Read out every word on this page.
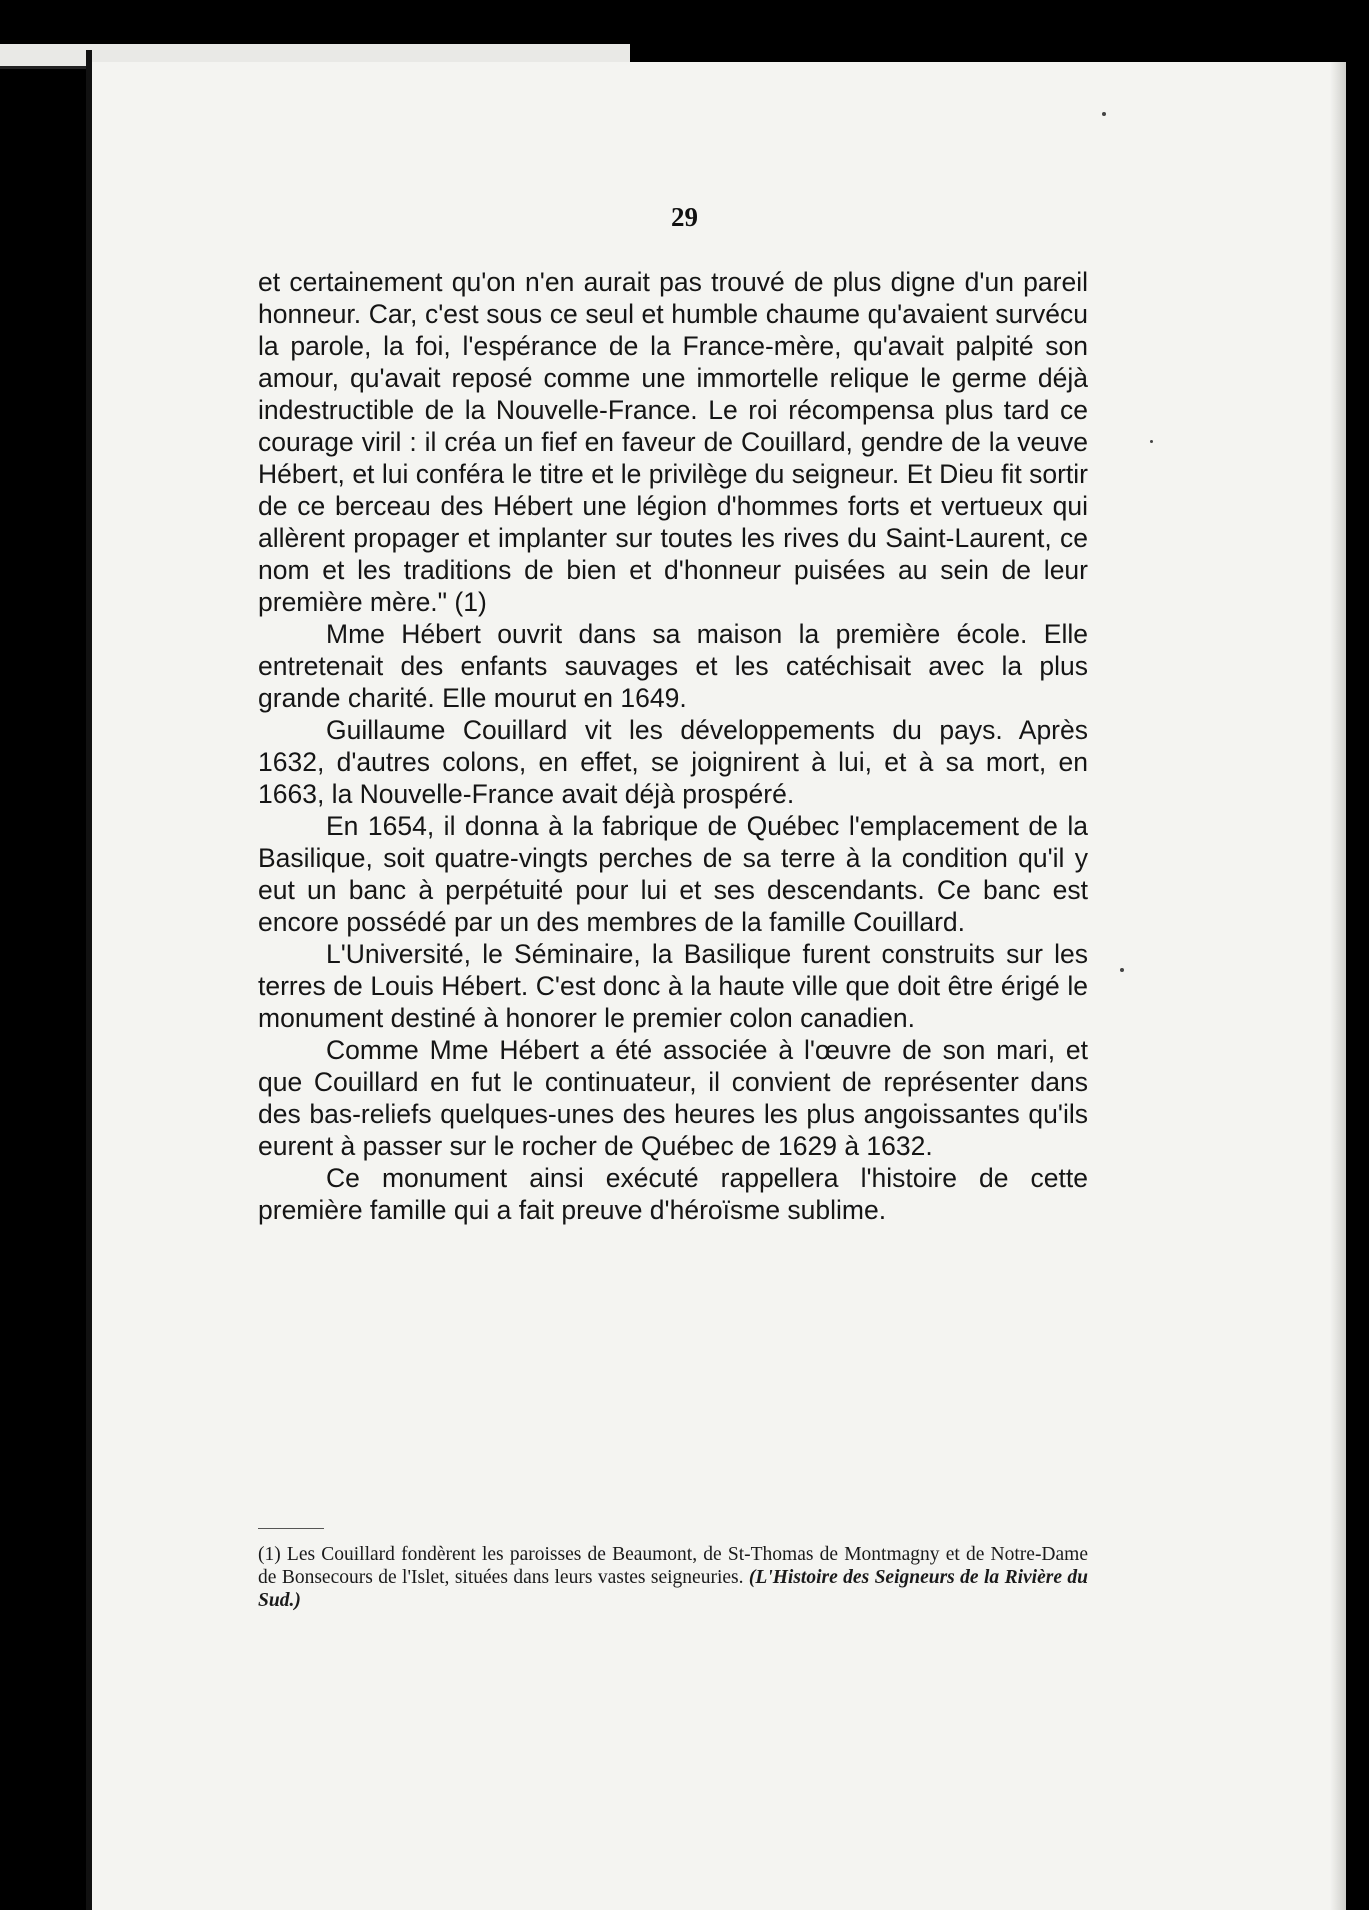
29

et certainement qu'on n'en aurait pas trouvé de plus digne d'un pareil honneur. Car, c'est sous ce seul et humble chaume qu'avaient survécu la parole, la foi, l'espérance de la France-mère, qu'avait palpité son amour, qu'avait reposé comme une immortelle relique le germe déjà indestructible de la Nouvelle-France. Le roi récompensa plus tard ce courage viril : il créa un fief en faveur de Couillard, gendre de la veuve Hébert, et lui conféra le titre et le privilège du seigneur. Et Dieu fit sortir de ce berceau des Hébert une légion d'hommes forts et vertueux qui allèrent propager et implanter sur toutes les rives du Saint-Laurent, ce nom et les traditions de bien et d'honneur puisées au sein de leur première mère." (1)

Mme Hébert ouvrit dans sa maison la première école. Elle entretenait des enfants sauvages et les catéchisait avec la plus grande charité. Elle mourut en 1649.

Guillaume Couillard vit les développements du pays. Après 1632, d'autres colons, en effet, se joignirent à lui, et à sa mort, en 1663, la Nouvelle-France avait déjà prospéré.

En 1654, il donna à la fabrique de Québec l'emplacement de la Basilique, soit quatre-vingts perches de sa terre à la condition qu'il y eut un banc à perpétuité pour lui et ses descendants. Ce banc est encore possédé par un des membres de la famille Couillard.

L'Université, le Séminaire, la Basilique furent construits sur les terres de Louis Hébert. C'est donc à la haute ville que doit être érigé le monument destiné à honorer le premier colon canadien.

Comme Mme Hébert a été associée à l'œuvre de son mari, et que Couillard en fut le continuateur, il convient de représenter dans des bas-reliefs quelques-unes des heures les plus angoissantes qu'ils eurent à passer sur le rocher de Québec de 1629 à 1632.

Ce monument ainsi exécuté rappellera l'histoire de cette première famille qui a fait preuve d'héroïsme sublime.

(1) Les Couillard fondèrent les paroisses de Beaumont, de St-Thomas de Montmagny et de Notre-Dame de Bonsecours de l'Islet, situées dans leurs vastes seigneuries. (L'Histoire des Seigneurs de la Rivière du Sud.)
